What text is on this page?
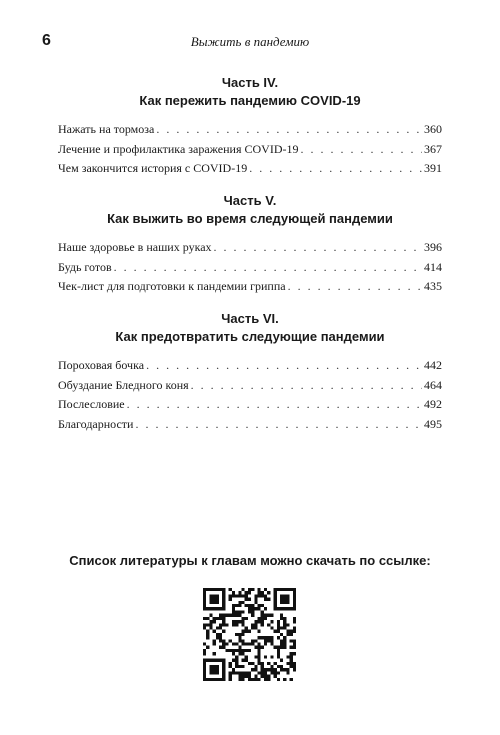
6	Выжить в пандемию
Часть IV.
Как пережить пандемию COVID-19
Нажать на тормоза . . .	360
Лечение и профилактика заражения COVID-19 . . .	367
Чем закончится история с COVID-19 . . .	391
Часть V.
Как выжить во время следующей пандемии
Наше здоровье в наших руках . . .	396
Будь готов . . .	414
Чек-лист для подготовки к пандемии гриппа . . .	435
Часть VI.
Как предотвратить следующие пандемии
Пороховая бочка . . .	442
Обуздание Бледного коня . . .	464
Послесловие . . .	492
Благодарности . . .	495
Список литературы к главам можно скачать по ссылке:
